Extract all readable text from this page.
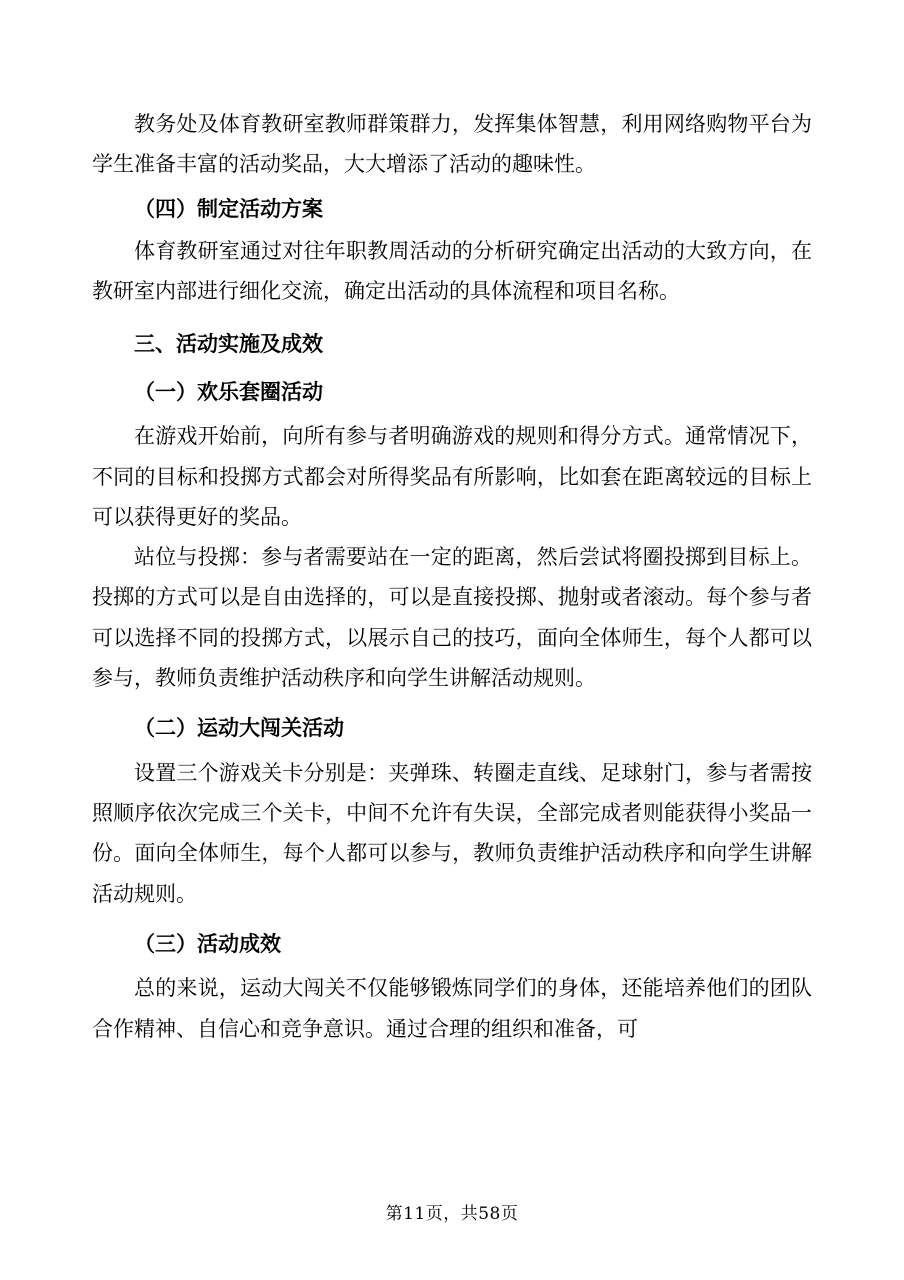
教务处及体育教研室教师群策群力，发挥集体智慧，利用网络购物平台为学生准备丰富的活动奖品，大大增添了活动的趣味性。

（四）制定活动方案

体育教研室通过对往年职教周活动的分析研究确定出活动的大致方向，在教研室内部进行细化交流，确定出活动的具体流程和项目名称。

三、活动实施及成效

（一）欢乐套圈活动

在游戏开始前，向所有参与者明确游戏的规则和得分方式。通常情况下，不同的目标和投掷方式都会对所得奖品有所影响，比如套在距离较远的目标上可以获得更好的奖品。

站位与投掷：参与者需要站在一定的距离，然后尝试将圈投掷到目标上。投掷的方式可以是自由选择的，可以是直接投掷、抛射或者滚动。每个参与者可以选择不同的投掷方式，以展示自己的技巧，面向全体师生，每个人都可以参与，教师负责维护活动秩序和向学生讲解活动规则。

（二）运动大闯关活动

设置三个游戏关卡分别是：夹弹珠、转圈走直线、足球射门，参与者需按照顺序依次完成三个关卡，中间不允许有失误，全部完成者则能获得小奖品一份。面向全体师生，每个人都可以参与，教师负责维护活动秩序和向学生讲解活动规则。

（三）活动成效

总的来说，运动大闯关不仅能够锻炼同学们的身体，还能培养他们的团队合作精神、自信心和竞争意识。通过合理的组织和准备，可

第11页，共58页
